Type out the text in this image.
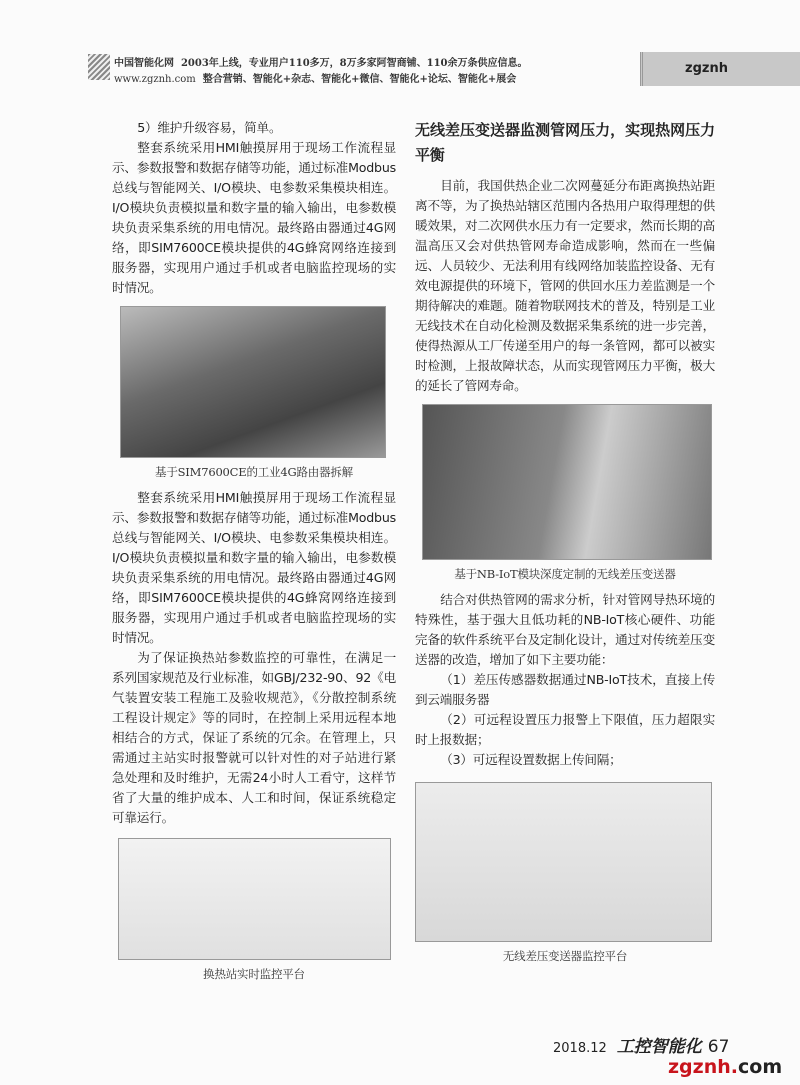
中国智能化网 2003年上线，专业用户110多万，8万多家阿智商铺、110余万条供应信息。
www.zgznh.com 整合营销、智能化+杂志、智能化+微信、智能化+论坛、智能化+展会
zgznh

5）维护升级容易，简单。

整套系统采用HMI触摸屏用于现场工作流程显示、参数报警和数据存储等功能，通过标准Modbus总线与智能网关、I/O模块、电参数采集模块相连。I/O模块负责模拟量和数字量的输入输出，电参数模块负责采集系统的用电情况。最终路由器通过4G网络，即SIM7600CE模块提供的4G蜂窝网络连接到服务器，实现用户通过手机或者电脑监控现场的实时情况。

基于SIM7600CE的工业4G路由器拆解

整套系统采用HMI触摸屏用于现场工作流程显示、参数报警和数据存储等功能，通过标准Modbus总线与智能网关、I/O模块、电参数采集模块相连。I/O模块负责模拟量和数字量的输入输出，电参数模块负责采集系统的用电情况。最终路由器通过4G网络，即SIM7600CE模块提供的4G蜂窝网络连接到服务器，实现用户通过手机或者电脑监控现场的实时情况。

为了保证换热站参数监控的可靠性，在满足一系列国家规范及行业标准，如GBJ/232-90、92《电气装置安装工程施工及验收规范》，《分散控制系统工程设计规定》等的同时，在控制上采用远程本地相结合的方式，保证了系统的冗余。在管理上，只需通过主站实时报警就可以针对性的对子站进行紧急处理和及时维护，无需24小时人工看守，这样节省了大量的维护成本、人工和时间，保证系统稳定可靠运行。

换热站实时监控平台
无线差压变送器监测管网压力，实现热网压力平衡

目前，我国供热企业二次网蔓延分布距离换热站距离不等，为了换热站辖区范围内各热用户取得理想的供暖效果，对二次网供水压力有一定要求，然而长期的高温高压又会对供热管网寿命造成影响，然而在一些偏远、人员较少、无法利用有线网络加装监控设备、无有效电源提供的环境下，管网的供回水压力差监测是一个期待解决的难题。随着物联网技术的普及，特别是工业无线技术在自动化检测及数据采集系统的进一步完善，使得热源从工厂传递至用户的每一条管网，都可以被实时检测，上报故障状态，从而实现管网压力平衡，极大的延长了管网寿命。

基于NB-IoT模块深度定制的无线差压变送器

结合对供热管网的需求分析，针对管网导热环境的特殊性，基于强大且低功耗的NB-IoT核心硬件、功能完备的软件系统平台及定制化设计，通过对传统差压变送器的改造，增加了如下主要功能：

（1）差压传感器数据通过NB-IoT技术，直接上传到云端服务器

（2）可远程设置压力报警上下限值，压力超限实时上报数据；

（3）可远程设置数据上传间隔；

无线差压变送器监控平台
2018.12 工控智能化 67
zgznh.com
